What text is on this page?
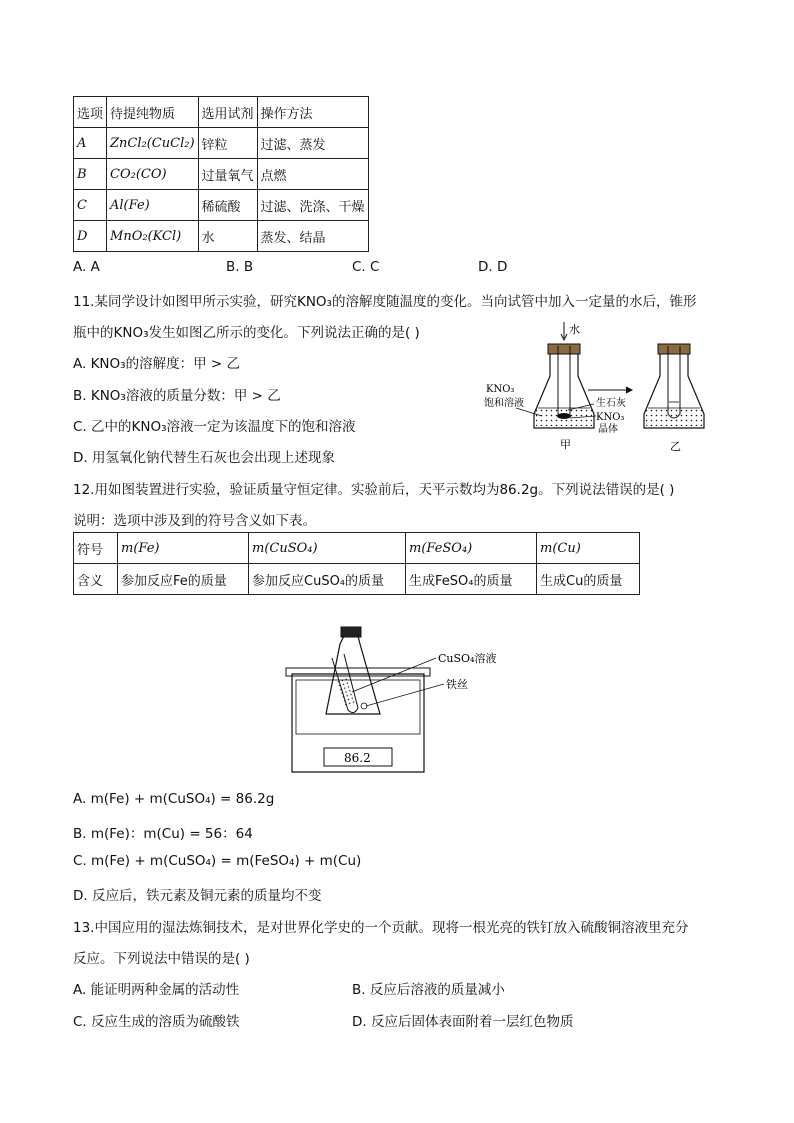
选项	待提纯物质	选用试剂	操作方法
A	ZnCl₂(CuCl₂)	锌粒	过滤、蒸发
B	CO₂(CO)	过量氧气	点燃
C	Al(Fe)	稀硫酸	过滤、洗涤、干燥
D	MnO₂(KCl)	水	蒸发、结晶
A. A	B. B	C. C	D. D
11.某同学设计如图甲所示实验，研究KNO₃的溶解度随温度的变化。当向试管中加入一定量的水后，锥形
瓶中的KNO₃发生如图乙所示的变化。下列说法正确的是( )
A. KNO₃的溶解度：甲 > 乙
B. KNO₃溶液的质量分数：甲 > 乙
C. 乙中的KNO₃溶液一定为该温度下的饱和溶液
D. 用氢氧化钠代替生石灰也会出现上述现象
水
KNO₃
饱和溶液	生石灰
KNO₃
晶体
甲	乙
12.用如图装置进行实验，验证质量守恒定律。实验前后，天平示数均为86.2g。下列说法错误的是( )
说明：选项中涉及到的符号含义如下表。
符号	m(Fe)	m(CuSO₄)	m(FeSO₄)	m(Cu)
含义	参加反应Fe的质量	参加反应CuSO₄的质量	生成FeSO₄的质量	生成Cu的质量
86.2
CuSO₄溶液
铁丝
A. m(Fe) + m(CuSO₄) = 86.2g
B. m(Fe)：m(Cu) = 56：64
C. m(Fe) + m(CuSO₄) = m(FeSO₄) + m(Cu)
D. 反应后，铁元素及铜元素的质量均不变
13.中国应用的湿法炼铜技术，是对世界化学史的一个贡献。现将一根光亮的铁钉放入硫酸铜溶液里充分
反应。下列说法中错误的是( )
A. 能证明两种金属的活动性	B. 反应后溶液的质量减小
C. 反应生成的溶质为硫酸铁	D. 反应后固体表面附着一层红色物质
